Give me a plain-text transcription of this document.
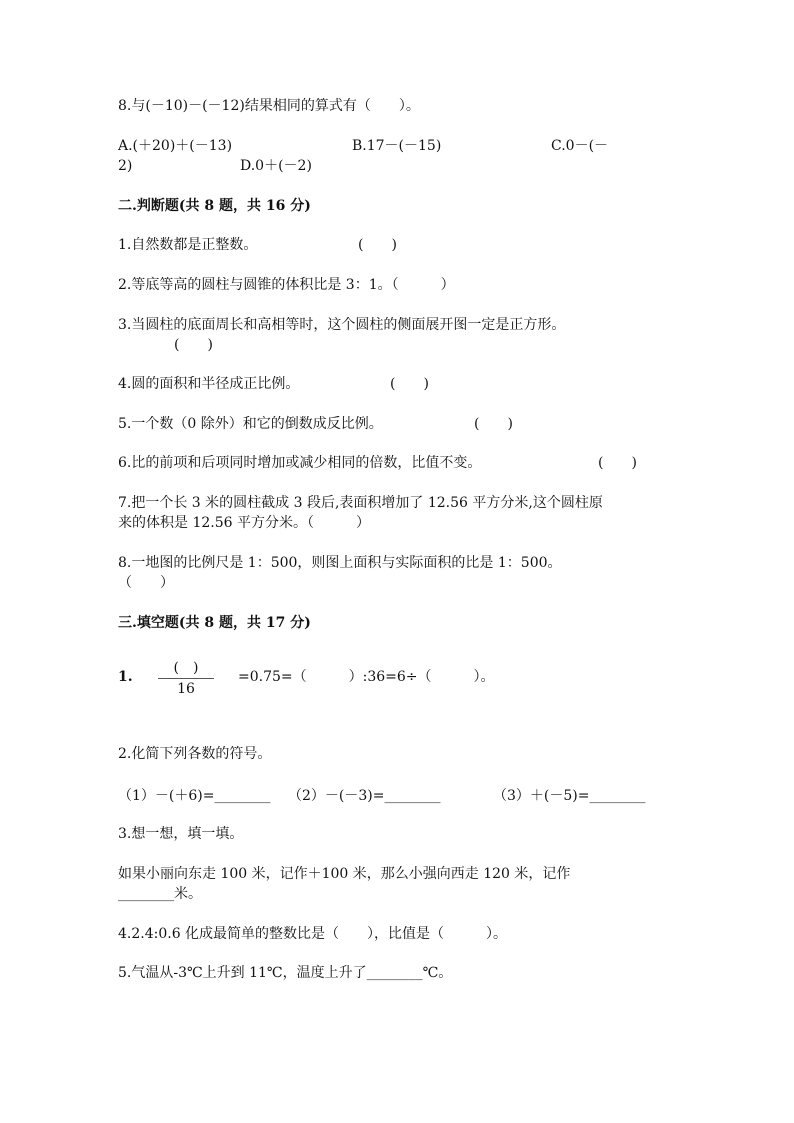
8.与(－10)－(－12)结果相同的算式有（　　）。
A.(＋20)＋(－13)	B.17－(－15)	C.0－(－
2)	D.0＋(－2)
二.判断题(共 8 题，共 16 分)
1.自然数都是正整数。	(　　)
2.等底等高的圆柱与圆锥的体积比是 3：1。（　　　）
3.当圆柱的底面周长和高相等时，这个圆柱的侧面展开图一定是正方形。
(　　)
4.圆的面积和半径成正比例。	(　　)
5.一个数（0 除外）和它的倒数成反比例。	(　　)
6.比的前项和后项同时增加或减少相同的倍数，比值不变。	(　　)
7.把一个长 3 米的圆柱截成 3 段后,表面积增加了 12.56 平方分米,这个圆柱原
来的体积是 12.56 平方分米。（　　　）
8.一地图的比例尺是 1：500，则图上面积与实际面积的比是 1：500。
（　　）
三.填空题(共 8 题，共 17 分)
1.
(　)
16
=0.75=（　　　）:36=6÷（　　　）。
2.化简下列各数的符号。
（1）－(＋6)=________ （2）－(－3)=________	（3）＋(－5)=________
3.想一想，填一填。
如果小丽向东走 100 米，记作＋100 米，那么小强向西走 120 米，记作
________米。
4.2.4:0.6 化成最简单的整数比是（　　），比值是（　　　）。
5.气温从-3℃上升到 11℃，温度上升了________℃。
